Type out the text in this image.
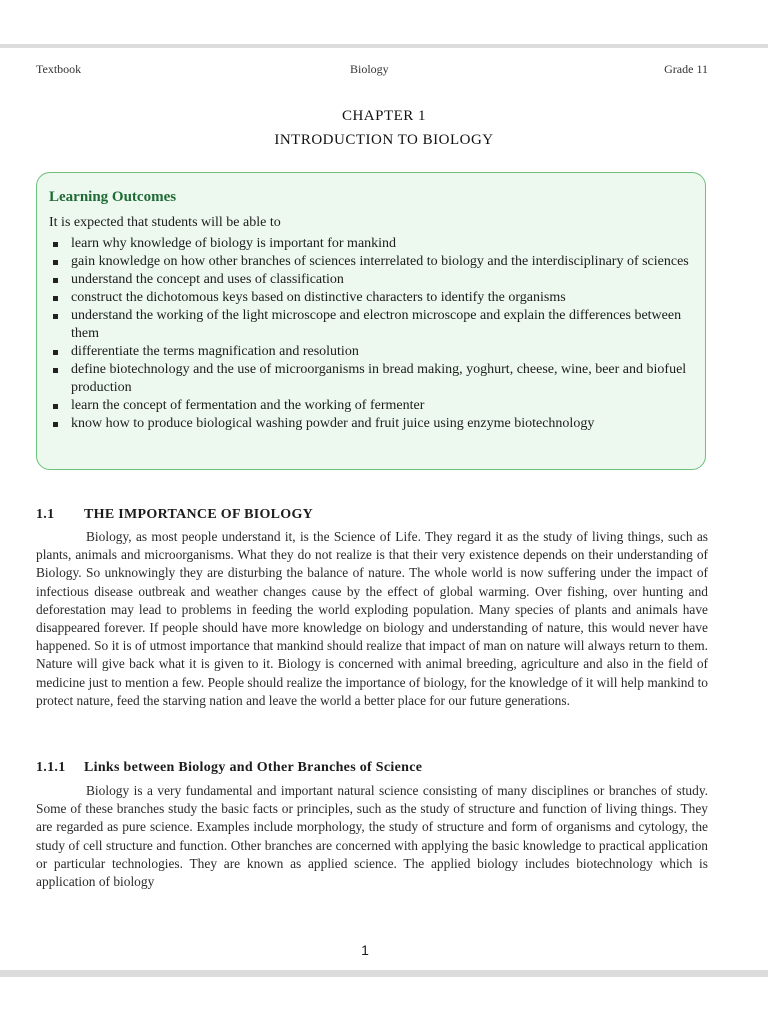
Textbook	Biology	Grade 11
CHAPTER 1
INTRODUCTION TO BIOLOGY
Learning Outcomes
It is expected that students will be able to
learn why knowledge of biology is important for mankind
gain knowledge on how other branches of sciences interrelated to biology and the interdisciplinary of sciences
understand the concept and uses of classification
construct the dichotomous keys based on distinctive characters to identify the organisms
understand the working of the light microscope and electron microscope and explain the differences between them
differentiate the terms magnification and resolution
define biotechnology and the use of microorganisms in bread making, yoghurt, cheese, wine, beer and biofuel production
learn the concept of fermentation and the working of fermenter
know how to produce biological washing powder and fruit juice using enzyme biotechnology
1.1 THE IMPORTANCE OF BIOLOGY

Biology, as most people understand it, is the Science of Life. They regard it as the study of living things, such as plants, animals and microorganisms. What they do not realize is that their very existence depends on their understanding of Biology. So unknowingly they are disturbing the balance of nature. The whole world is now suffering under the impact of infectious disease outbreak and weather changes cause by the effect of global warming. Over fishing, over hunting and deforestation may lead to problems in feeding the world exploding population. Many species of plants and animals have disappeared forever. If people should have more knowledge on biology and understanding of nature, this would never have happened. So it is of utmost importance that mankind should realize that impact of man on nature will always return to them. Nature will give back what it is given to it. Biology is concerned with animal breeding, agriculture and also in the field of medicine just to mention a few. People should realize the importance of biology, for the knowledge of it will help mankind to protect nature, feed the starving nation and leave the world a better place for our future generations.

1.1.1 Links between Biology and Other Branches of Science

Biology is a very fundamental and important natural science consisting of many disciplines or branches of study. Some of these branches study the basic facts or principles, such as the study of structure and function of living things. They are regarded as pure science. Examples include morphology, the study of structure and form of organisms and cytology, the study of cell structure and function. Other branches are concerned with applying the basic knowledge to practical application or particular technologies. They are known as applied science. The applied biology includes biotechnology which is application of biology

1
